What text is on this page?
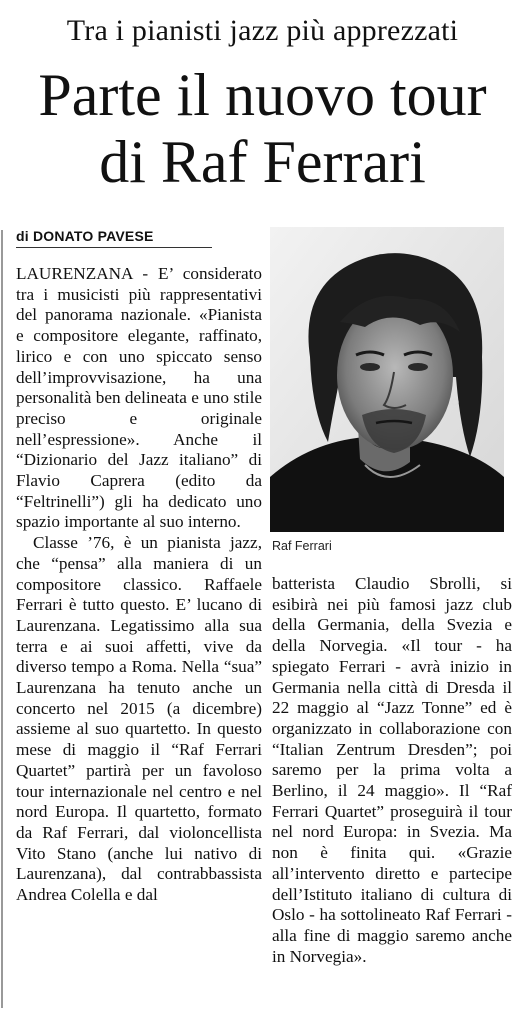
Tra i pianisti jazz più apprezzati
Parte il nuovo tour
di Raf Ferrari
di DONATO PAVESE

LAURENZANA - E’ considerato tra i musicisti più rappresentativi del panorama nazionale. «Pianista e compositore elegante, raffinato, lirico e con uno spiccato senso dell’improvvisazione, ha una personalità ben delineata e uno stile preciso e originale nell’espressione». Anche il “Dizionario del Jazz italiano” di Flavio Caprera (edito da “Feltrinelli”) gli ha dedicato uno spazio importante al suo interno.

Classe ’76, è un pianista jazz, che “pensa” alla maniera di un compositore classico. Raffaele Ferrari è tutto questo. E’ lucano di Laurenzana. Legatissimo alla sua terra e ai suoi affetti, vive da diverso tempo a Roma. Nella “sua” Laurenzana ha tenuto anche un concerto nel 2015 (a dicembre) assieme al suo quartetto. In questo mese di maggio il “Raf Ferrari Quartet” partirà per un favoloso tour internazionale nel centro e nel nord Europa. Il quartetto, formato da Raf Ferrari, dal violoncellista Vito Stano (anche lui nativo di Laurenzana), dal contrabbassista Andrea Colella e dal

Raf Ferrari

batterista Claudio Sbrolli, si esibirà nei più famosi jazz club della Germania, della Svezia e della Norvegia. «Il tour - ha spiegato Ferrari - avrà inizio in Germania nella città di Dresda il 22 maggio al “Jazz Tonne” ed è organizzato in collaborazione con “Italian Zentrum Dresden”; poi saremo per la prima volta a Berlino, il 24 maggio». Il “Raf Ferrari Quartet” proseguirà il tour nel nord Europa: in Svezia. Ma non è finita qui. «Grazie all’intervento diretto e partecipe dell’Istituto italiano di cultura di Oslo - ha sottolineato Raf Ferrari - alla fine di maggio saremo anche in Norvegia».
